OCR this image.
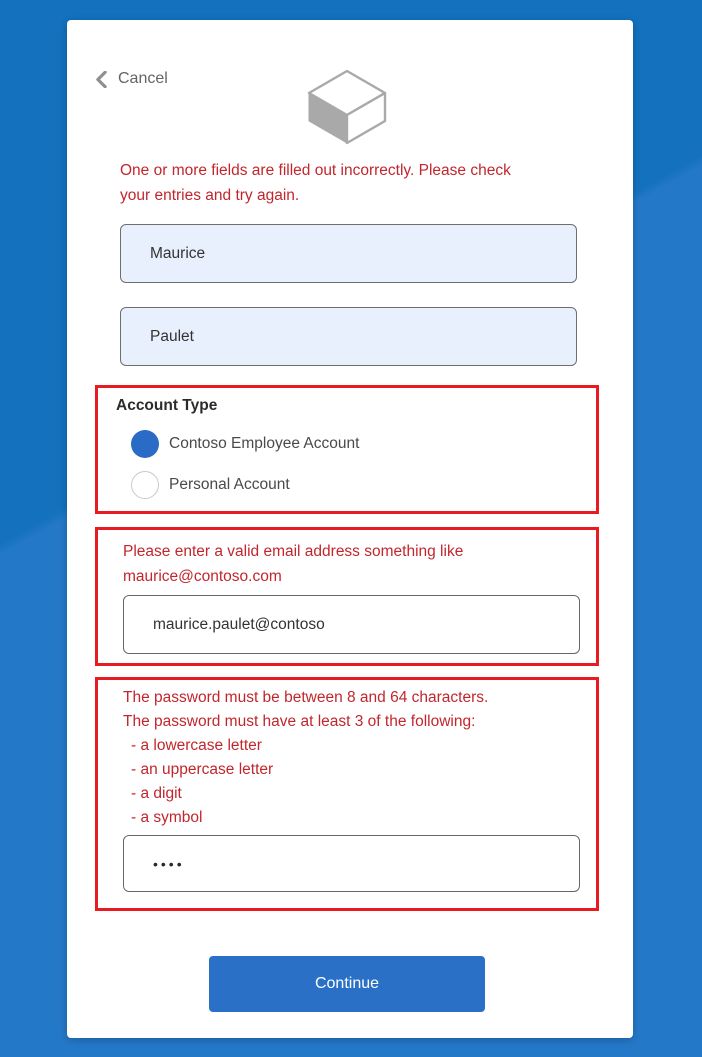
Cancel
One or more fields are filled out incorrectly. Please check
your entries and try again.
Maurice
Paulet
Account Type
Contoso Employee Account
Personal Account
Please enter a valid email address something like
maurice@contoso.com
maurice.paulet@contoso
The password must be between 8 and 64 characters.
The password must have at least 3 of the following:
- a lowercase letter
- an uppercase letter
- a digit
- a symbol
••••
Continue
